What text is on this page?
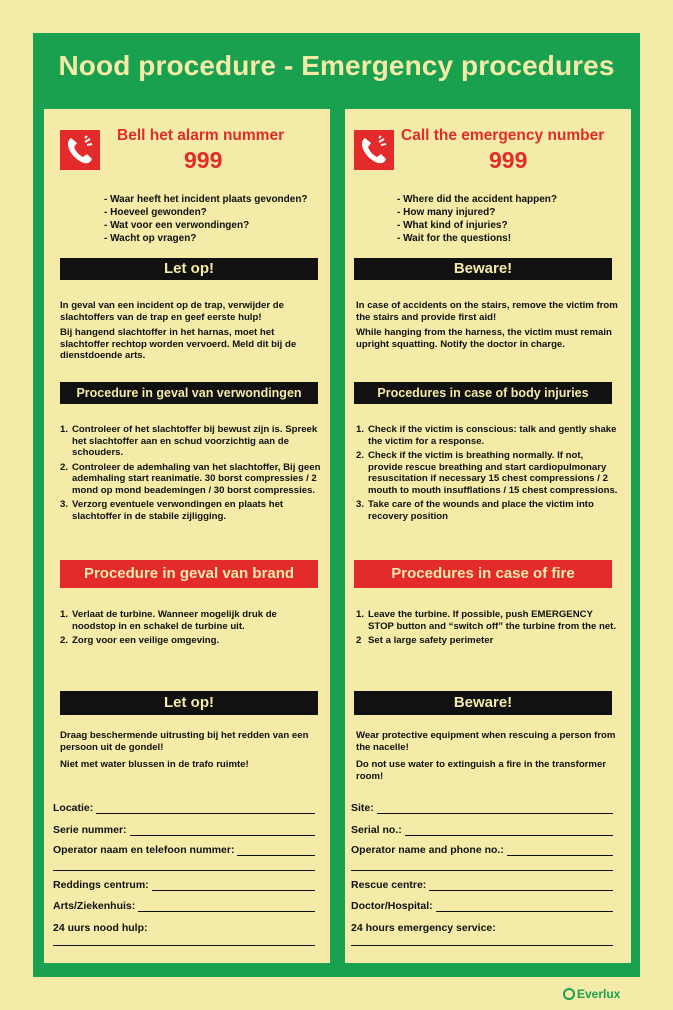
Nood procedure - Emergency procedures
Bell het alarm nummer
999
- Waar heeft het incident plaats gevonden?
- Hoeveel gewonden?
- Wat voor een verwondingen?
- Wacht op vragen?
Let op!

In geval van een incident op de trap, verwijder de slachtoffers van de trap en geef eerste hulp!

Bij hangend slachtoffer in het harnas, moet het slachtoffer rechtop worden vervoerd. Meld dit bij de dienstdoende arts.

Procedure in geval van verwondingen
1. Controleer of het slachtoffer bij bewust zijn is. Spreek het slachtoffer aan en schud voorzichtig aan de schouders.
2. Controleer de ademhaling van het slachtoffer, Bij geen ademhaling start reanimatie. 30 borst compressies / 2 mond op mond beademingen / 30 borst compressies.
3. Verzorg eventuele verwondingen en plaats het slachtoffer in de stabile zijligging.
Procedure in geval van brand
1. Verlaat de turbine. Wanneer mogelijk druk de noodstop in en schakel de turbine uit.
2. Zorg voor een veilige omgeving.
Let op!

Draag beschermende uitrusting bij het redden van een persoon uit de gondel!

Niet met water blussen in de trafo ruimte!

Locatie:
Serie nummer:
Operator naam en telefoon nummer:
Reddings centrum:
Arts/Ziekenhuis:
24 uurs nood hulp:
Call the emergency number
999
- Where did the accident happen?
- How many injured?
- What kind of injuries?
- Wait for the questions!
Beware!

In case of accidents on the stairs, remove the victim from the stairs and provide first aid!

While hanging from the harness, the victim must remain upright squatting. Notify the doctor in charge.

Procedures in case of body injuries
1. Check if the victim is conscious: talk and gently shake the victim for a response.
2. Check if the victim is breathing normally. If not, provide rescue breathing and start cardiopulmonary resuscitation if necessary 15 chest compressions / 2 mouth to mouth insufflations / 15 chest compressions.
3. Take care of the wounds and place the victim into recovery position
Procedures in case of fire
1. Leave the turbine. If possible, push EMERGENCY STOP button and “switch off” the turbine from the net.
2 Set a large safety perimeter
Beware!

Wear protective equipment when rescuing a person from the nacelle!

Do not use water to extinguish a fire in the transformer room!

Site:
Serial no.:
Operator name and phone no.:
Rescue centre:
Doctor/Hospital:
24 hours emergency service:
Everlux
